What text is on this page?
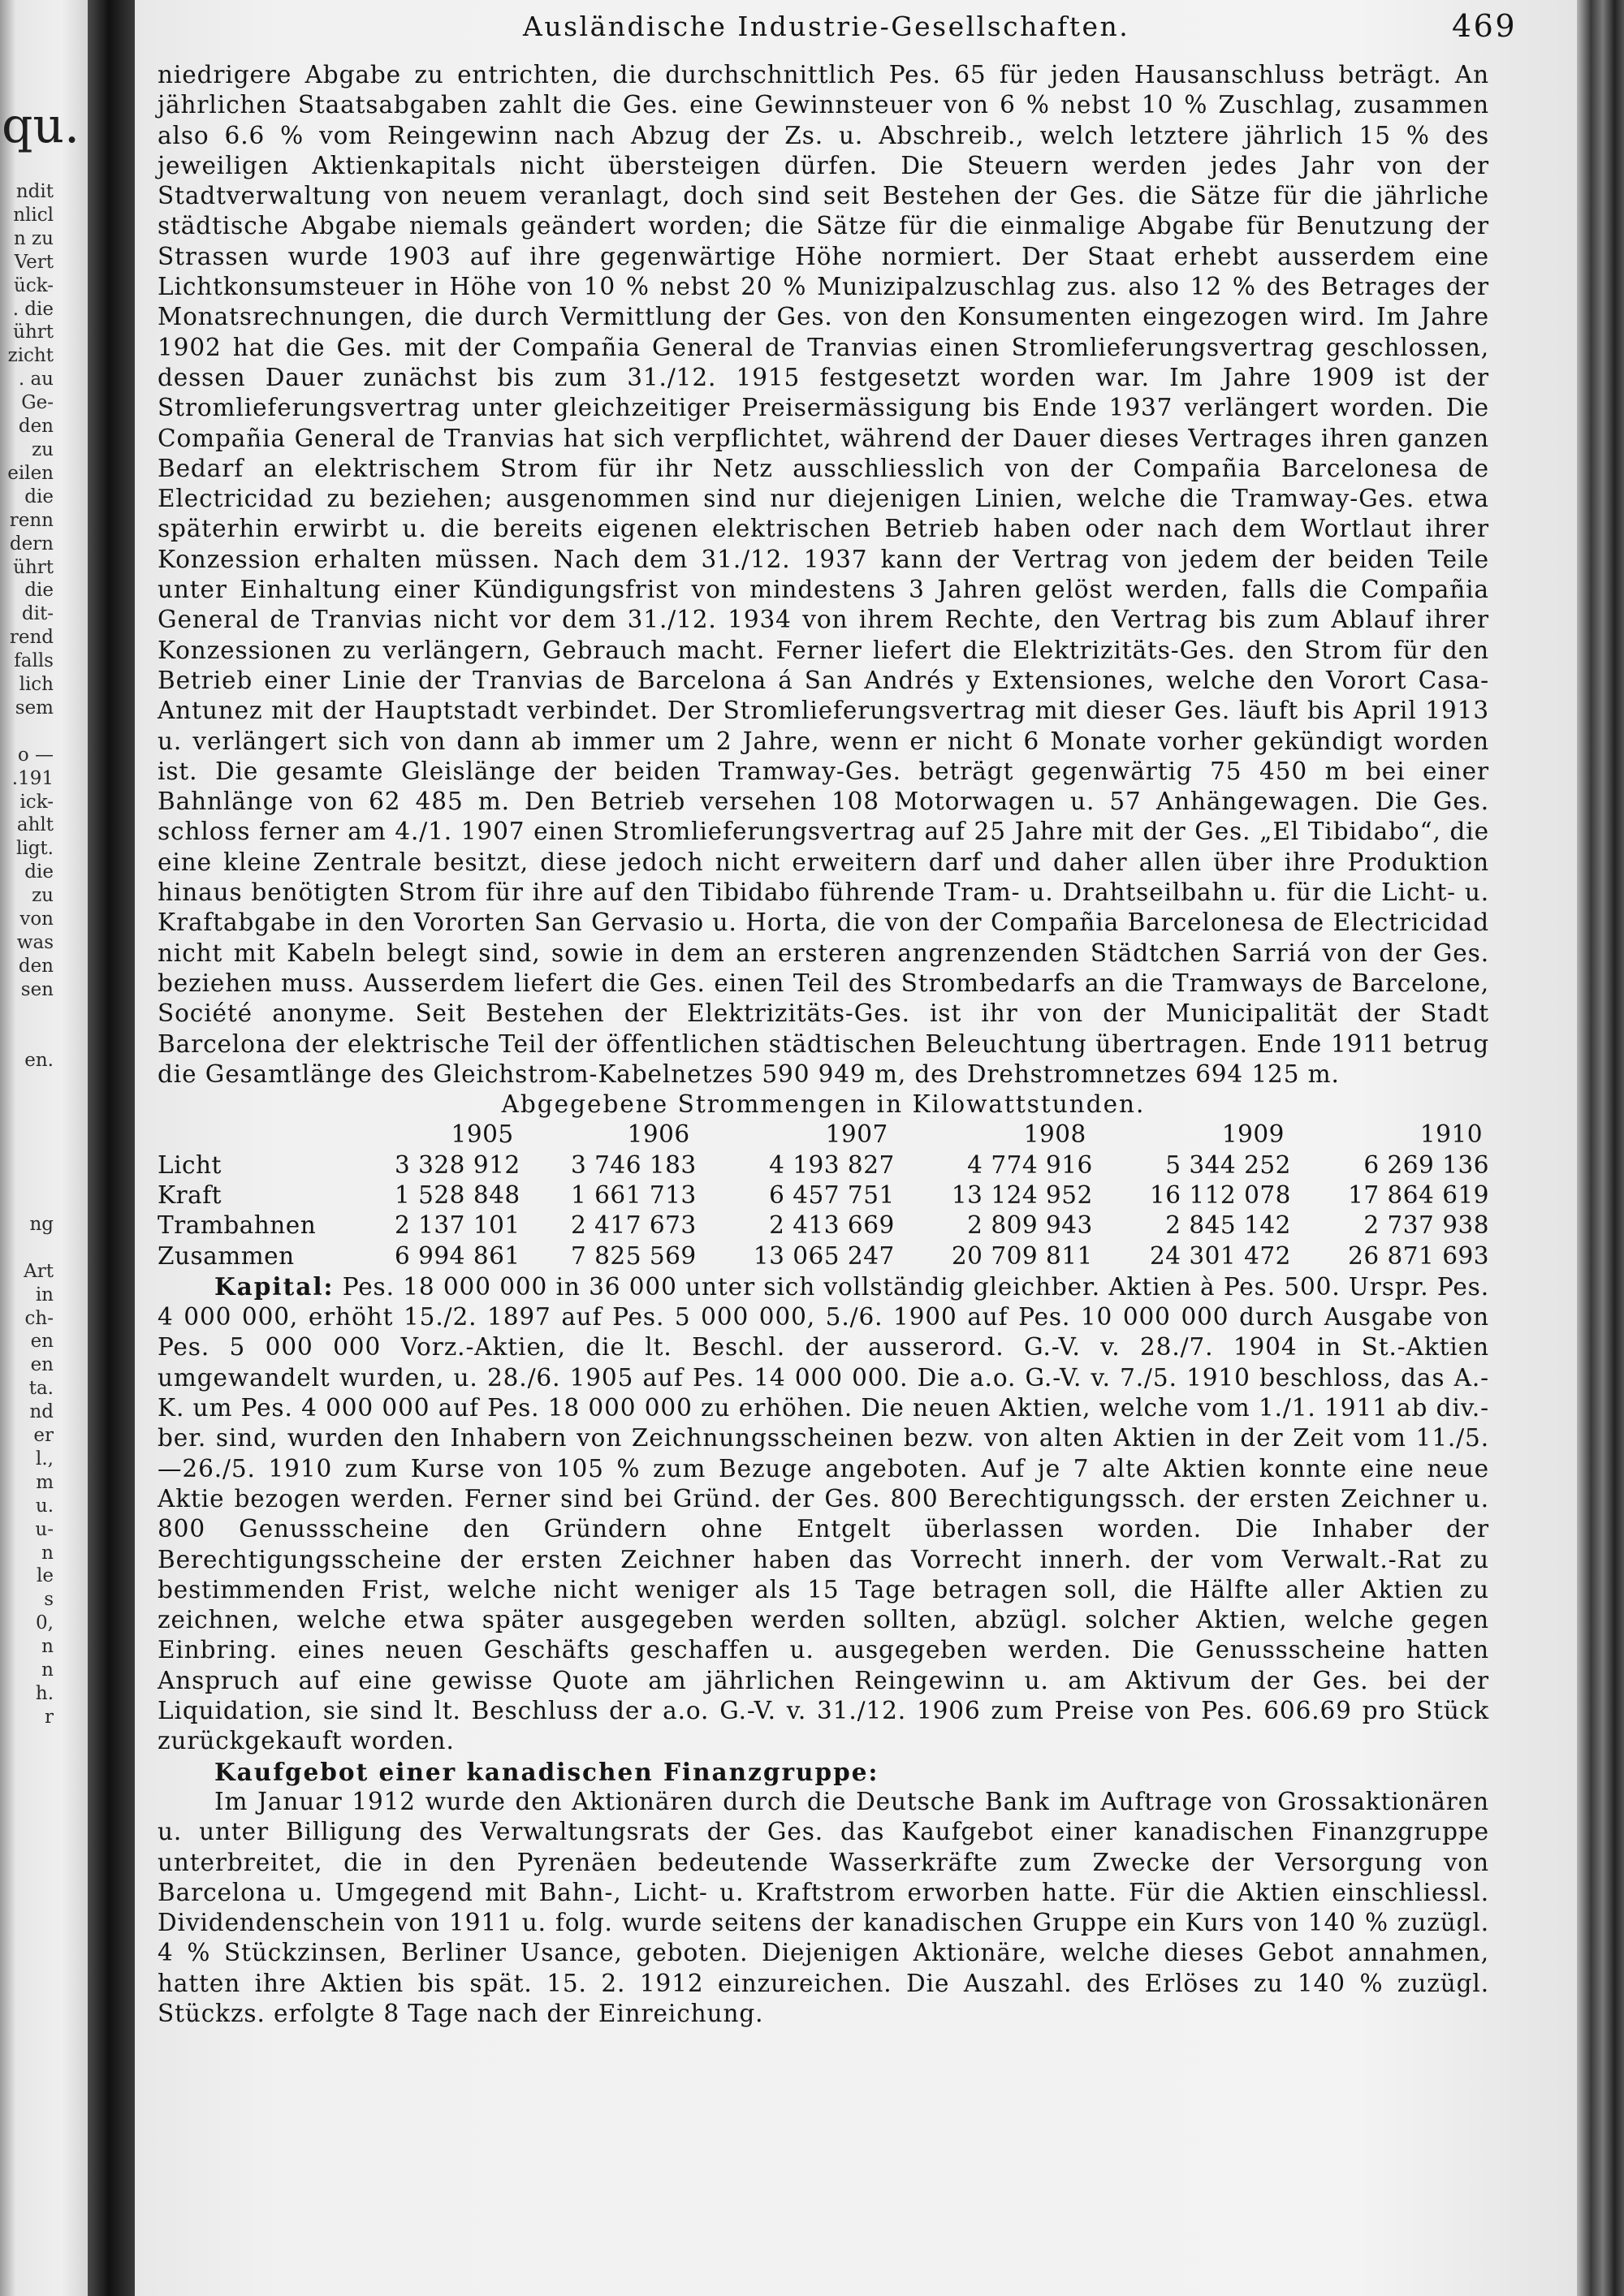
qu.
ndit
nlicl
n zu
Vert
ück-
. die
ührt
zicht
. au
Ge-
den
zu
eilen
die
renn
dern
ührt
die
dit-
rend
falls
lich
sem

o —
.191
ick-
ahlt
ligt.
die
zu
von
was
den
sen

en.

ng

Art
in
ch-
en
en
ta.
nd
er
l.,
m
u.
u-
n
le
s
0,
n
n
h.
r
Ausländische Industrie-Gesellschaften.	469

niedrigere Abgabe zu entrichten, die durchschnittlich Pes. 65 für jeden Hausanschluss beträgt. An jährlichen Staatsabgaben zahlt die Ges. eine Gewinnsteuer von 6 % nebst 10 % Zuschlag, zusammen also 6.6 % vom Reingewinn nach Abzug der Zs. u. Abschreib., welch letztere jährlich 15 % des jeweiligen Aktienkapitals nicht übersteigen dürfen. Die Steuern werden jedes Jahr von der Stadtverwaltung von neuem veranlagt, doch sind seit Bestehen der Ges. die Sätze für die jährliche städtische Abgabe niemals geändert worden; die Sätze für die einmalige Abgabe für Benutzung der Strassen wurde 1903 auf ihre gegenwärtige Höhe normiert. Der Staat erhebt ausserdem eine Lichtkonsumsteuer in Höhe von 10 % nebst 20 % Munizipalzuschlag zus. also 12 % des Betrages der Monatsrechnungen, die durch Vermittlung der Ges. von den Konsumenten eingezogen wird. Im Jahre 1902 hat die Ges. mit der Compañia General de Tranvias einen Stromlieferungsvertrag geschlossen, dessen Dauer zunächst bis zum 31./12. 1915 festgesetzt worden war. Im Jahre 1909 ist der Stromlieferungsvertrag unter gleichzeitiger Preisermässigung bis Ende 1937 verlängert worden. Die Compañia General de Tranvias hat sich verpflichtet, während der Dauer dieses Vertrages ihren ganzen Bedarf an elektrischem Strom für ihr Netz ausschliesslich von der Compañia Barcelonesa de Electricidad zu beziehen; ausgenommen sind nur diejenigen Linien, welche die Tramway-Ges. etwa späterhin erwirbt u. die bereits eigenen elektrischen Betrieb haben oder nach dem Wortlaut ihrer Konzession erhalten müssen. Nach dem 31./12. 1937 kann der Vertrag von jedem der beiden Teile unter Einhaltung einer Kündigungsfrist von mindestens 3 Jahren gelöst werden, falls die Compañia General de Tranvias nicht vor dem 31./12. 1934 von ihrem Rechte, den Vertrag bis zum Ablauf ihrer Konzessionen zu verlängern, Gebrauch macht. Ferner liefert die Elektrizitäts-Ges. den Strom für den Betrieb einer Linie der Tranvias de Barcelona á San Andrés y Extensiones, welche den Vorort Casa-Antunez mit der Hauptstadt verbindet. Der Stromlieferungsvertrag mit dieser Ges. läuft bis April 1913 u. verlängert sich von dann ab immer um 2 Jahre, wenn er nicht 6 Monate vorher gekündigt worden ist. Die gesamte Gleislänge der beiden Tramway-Ges. beträgt gegenwärtig 75 450 m bei einer Bahnlänge von 62 485 m. Den Betrieb versehen 108 Motorwagen u. 57 Anhängewagen. Die Ges. schloss ferner am 4./1. 1907 einen Stromlieferungsvertrag auf 25 Jahre mit der Ges. „El Tibidabo“, die eine kleine Zentrale besitzt, diese jedoch nicht erweitern darf und daher allen über ihre Produktion hinaus benötigten Strom für ihre auf den Tibidabo führende Tram- u. Drahtseilbahn u. für die Licht- u. Kraftabgabe in den Vororten San Gervasio u. Horta, die von der Compañia Barcelonesa de Electricidad nicht mit Kabeln belegt sind, sowie in dem an ersteren angrenzenden Städtchen Sarriá von der Ges. beziehen muss. Ausserdem liefert die Ges. einen Teil des Strombedarfs an die Tramways de Barcelone, Société anonyme. Seit Bestehen der Elektrizitäts-Ges. ist ihr von der Municipalität der Stadt Barcelona der elektrische Teil der öffentlichen städtischen Beleuchtung übertragen. Ende 1911 betrug die Gesamtlänge des Gleichstrom-Kabelnetzes 590 949 m, des Drehstromnetzes 694 125 m.

Abgegebene Strommengen in Kilowattstunden.

	1905	1906	1907	1908	1909	1910
Licht	3 328 912	3 746 183	4 193 827	4 774 916	5 344 252	6 269 136
Kraft	1 528 848	1 661 713	6 457 751	13 124 952	16 112 078	17 864 619
Trambahnen	2 137 101	2 417 673	2 413 669	2 809 943	2 845 142	2 737 938
Zusammen	6 994 861	7 825 569	13 065 247	20 709 811	24 301 472	26 871 693

Kapital: Pes. 18 000 000 in 36 000 unter sich vollständig gleichber. Aktien à Pes. 500. Urspr. Pes. 4 000 000, erhöht 15./2. 1897 auf Pes. 5 000 000, 5./6. 1900 auf Pes. 10 000 000 durch Ausgabe von Pes. 5 000 000 Vorz.-Aktien, die lt. Beschl. der ausserord. G.-V. v. 28./7. 1904 in St.-Aktien umgewandelt wurden, u. 28./6. 1905 auf Pes. 14 000 000. Die a.o. G.-V. v. 7./5. 1910 beschloss, das A.-K. um Pes. 4 000 000 auf Pes. 18 000 000 zu erhöhen. Die neuen Aktien, welche vom 1./1. 1911 ab div.-ber. sind, wurden den Inhabern von Zeichnungsscheinen bezw. von alten Aktien in der Zeit vom 11./5.—26./5. 1910 zum Kurse von 105 % zum Bezuge angeboten. Auf je 7 alte Aktien konnte eine neue Aktie bezogen werden. Ferner sind bei Gründ. der Ges. 800 Berechtigungssch. der ersten Zeichner u. 800 Genussscheine den Gründern ohne Entgelt überlassen worden. Die Inhaber der Berechtigungsscheine der ersten Zeichner haben das Vorrecht innerh. der vom Verwalt.-Rat zu bestimmenden Frist, welche nicht weniger als 15 Tage betragen soll, die Hälfte aller Aktien zu zeichnen, welche etwa später ausgegeben werden sollten, abzügl. solcher Aktien, welche gegen Einbring. eines neuen Geschäfts geschaffen u. ausgegeben werden. Die Genussscheine hatten Anspruch auf eine gewisse Quote am jährlichen Reingewinn u. am Aktivum der Ges. bei der Liquidation, sie sind lt. Beschluss der a.o. G.-V. v. 31./12. 1906 zum Preise von Pes. 606.69 pro Stück zurückgekauft worden.

Kaufgebot einer kanadischen Finanzgruppe:

Im Januar 1912 wurde den Aktionären durch die Deutsche Bank im Auftrage von Grossaktionären u. unter Billigung des Verwaltungsrats der Ges. das Kaufgebot einer kanadischen Finanzgruppe unterbreitet, die in den Pyrenäen bedeutende Wasserkräfte zum Zwecke der Versorgung von Barcelona u. Umgegend mit Bahn-, Licht- u. Kraftstrom erworben hatte. Für die Aktien einschliessl. Dividendenschein von 1911 u. folg. wurde seitens der kanadischen Gruppe ein Kurs von 140 % zuzügl. 4 % Stückzinsen, Berliner Usance, geboten. Diejenigen Aktionäre, welche dieses Gebot annahmen, hatten ihre Aktien bis spät. 15. 2. 1912 einzureichen. Die Auszahl. des Erlöses zu 140 % zuzügl. Stückzs. erfolgte 8 Tage nach der Einreichung.
